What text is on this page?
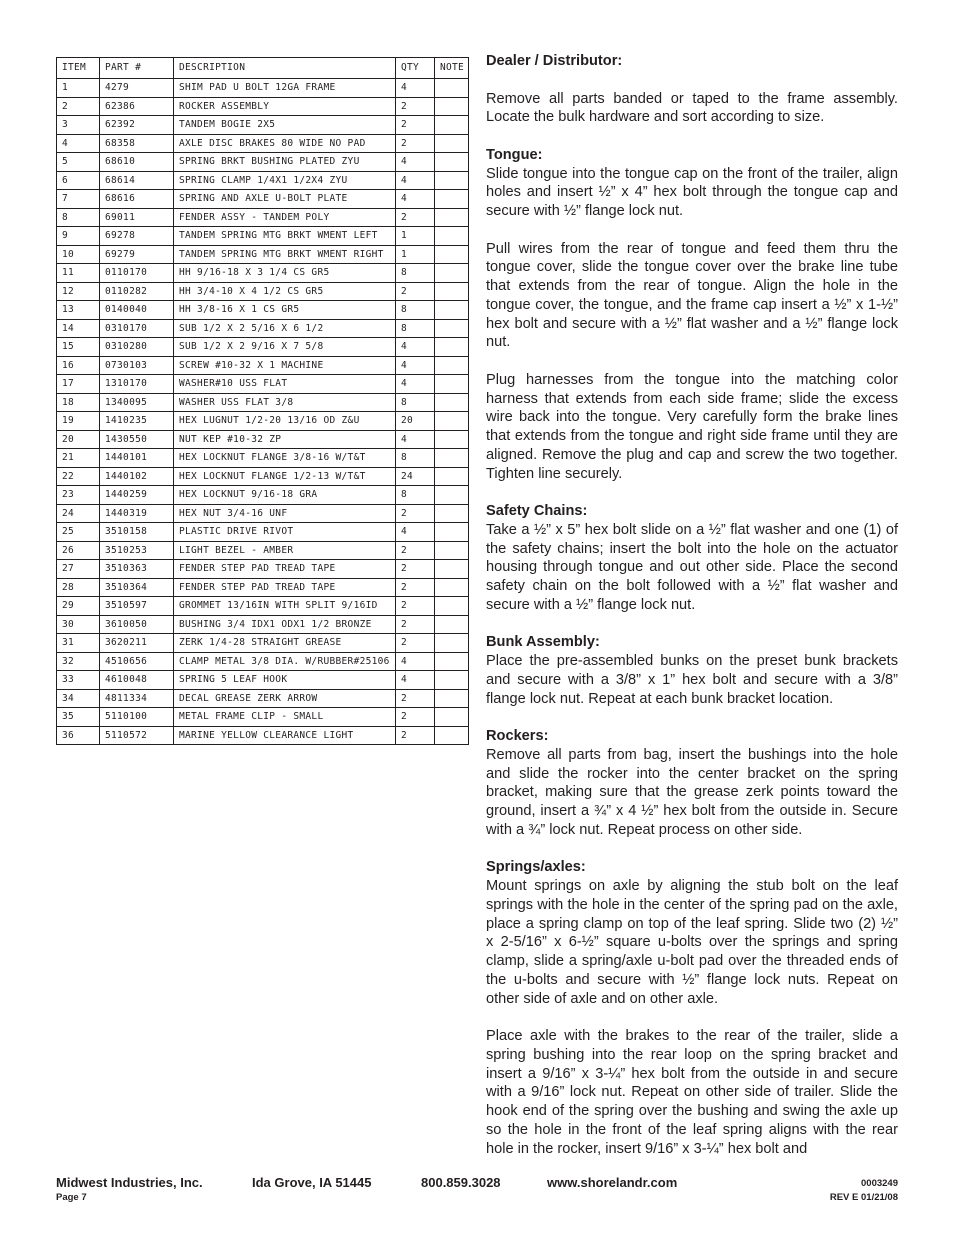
ITEM	PART #	DESCRIPTION	QTY	NOTE
1	4279	SHIM PAD U BOLT 12GA FRAME	4	
2	62386	ROCKER ASSEMBLY	2	
3	62392	TANDEM BOGIE 2X5	2	
4	68358	AXLE DISC BRAKES 80 WIDE NO PAD	2	
5	68610	SPRING BRKT BUSHING PLATED ZYU	4	
6	68614	SPRING CLAMP 1/4X1 1/2X4 ZYU	4	
7	68616	SPRING AND AXLE U-BOLT PLATE	4	
8	69011	FENDER ASSY - TANDEM POLY	2	
9	69278	TANDEM SPRING MTG BRKT WMENT LEFT	1	
10	69279	TANDEM SPRING MTG BRKT WMENT RIGHT	1	
11	0110170	HH 9/16-18 X 3 1/4 CS GR5	8	
12	0110282	HH 3/4-10 X 4 1/2 CS GR5	2	
13	0140040	HH 3/8-16 X 1 CS GR5	8	
14	0310170	SUB 1/2 X 2 5/16 X 6 1/2	8	
15	0310280	SUB 1/2 X 2 9/16 X 7 5/8	4	
16	0730103	SCREW #10-32 X 1 MACHINE	4	
17	1310170	WASHER#10 USS FLAT	4	
18	1340095	WASHER USS FLAT 3/8	8	
19	1410235	HEX LUGNUT 1/2-20 13/16 OD Z&U	20	
20	1430550	NUT KEP #10-32 ZP	4	
21	1440101	HEX LOCKNUT FLANGE 3/8-16 W/T&T	8	
22	1440102	HEX LOCKNUT FLANGE 1/2-13 W/T&T	24	
23	1440259	HEX LOCKNUT 9/16-18 GRA	8	
24	1440319	HEX NUT 3/4-16 UNF	2	
25	3510158	PLASTIC DRIVE RIVOT	4	
26	3510253	LIGHT BEZEL - AMBER	2	
27	3510363	FENDER STEP PAD TREAD TAPE	2	
28	3510364	FENDER STEP PAD TREAD TAPE	2	
29	3510597	GROMMET 13/16IN WITH SPLIT 9/16ID	2	
30	3610050	BUSHING 3/4 IDX1 ODX1 1/2 BRONZE	2	
31	3620211	ZERK 1/4-28 STRAIGHT GREASE	2	
32	4510656	CLAMP METAL 3/8 DIA. W/RUBBER#25106	4	
33	4610048	SPRING 5 LEAF HOOK	4	
34	4811334	DECAL GREASE ZERK ARROW	2	
35	5110100	METAL FRAME CLIP - SMALL	2	
36	5110572	MARINE YELLOW CLEARANCE LIGHT	2	
Dealer / Distributor:

Remove all parts banded or taped to the frame assembly. Locate the bulk hardware and sort according to size.

Tongue:

Slide tongue into the tongue cap on the front of the trailer, align holes and insert ½” x 4” hex bolt through the tongue cap and secure with ½” flange lock nut.

Pull wires from the rear of tongue and feed them thru the tongue cover, slide the tongue cover over the brake line tube that extends from the rear of tongue. Align the hole in the tongue cover, the tongue, and the frame cap insert a ½” x 1-½” hex bolt and secure with a ½” flat washer and a ½” flange lock nut.

Plug harnesses from the tongue into the matching color harness that extends from each side frame; slide the excess wire back into the tongue. Very carefully form the brake lines that extends from the tongue and right side frame until they are aligned. Remove the plug and cap and screw the two together. Tighten line securely.

Safety Chains:

Take a ½” x 5” hex bolt slide on a ½” flat washer and one (1) of the safety chains; insert the bolt into the hole on the actuator housing through tongue and out other side. Place the second safety chain on the bolt followed with a ½” flat washer and secure with a ½” flange lock nut.

Bunk Assembly:

Place the pre-assembled bunks on the preset bunk brackets and secure with a 3/8” x 1” hex bolt and secure with a 3/8” flange lock nut. Repeat at each bunk bracket location.

Rockers:

Remove all parts from bag, insert the bushings into the hole and slide the rocker into the center bracket on the spring bracket, making sure that the grease zerk points toward the ground, insert a ¾” x 4 ½” hex bolt from the outside in. Secure with a ¾” lock nut. Repeat process on other side.

Springs/axles:

Mount springs on axle by aligning the stub bolt on the leaf springs with the hole in the center of the spring pad on the axle, place a spring clamp on top of the leaf spring. Slide two (2) ½” x 2-5/16” x 6-½” square u-bolts over the springs and spring clamp, slide a spring/axle u-bolt pad over the threaded ends of the u-bolts and secure with ½” flange lock nuts. Repeat on other side of axle and on other axle.

Place axle with the brakes to the rear of the trailer, slide a spring bushing into the rear loop on the spring bracket and insert a 9/16” x 3-¼” hex bolt from the outside in and secure with a 9/16” lock nut. Repeat on other side of trailer. Slide the hook end of the spring over the bushing and swing the axle up so the hole in the front of the leaf spring aligns with the rear hole in the rocker, insert 9/16” x 3-¼” hex bolt and

Midwest Industries, Inc.	Ida Grove, IA 51445	800.859.3028	www.shorelandr.com	0003249
Page 7	REV E 01/21/08
